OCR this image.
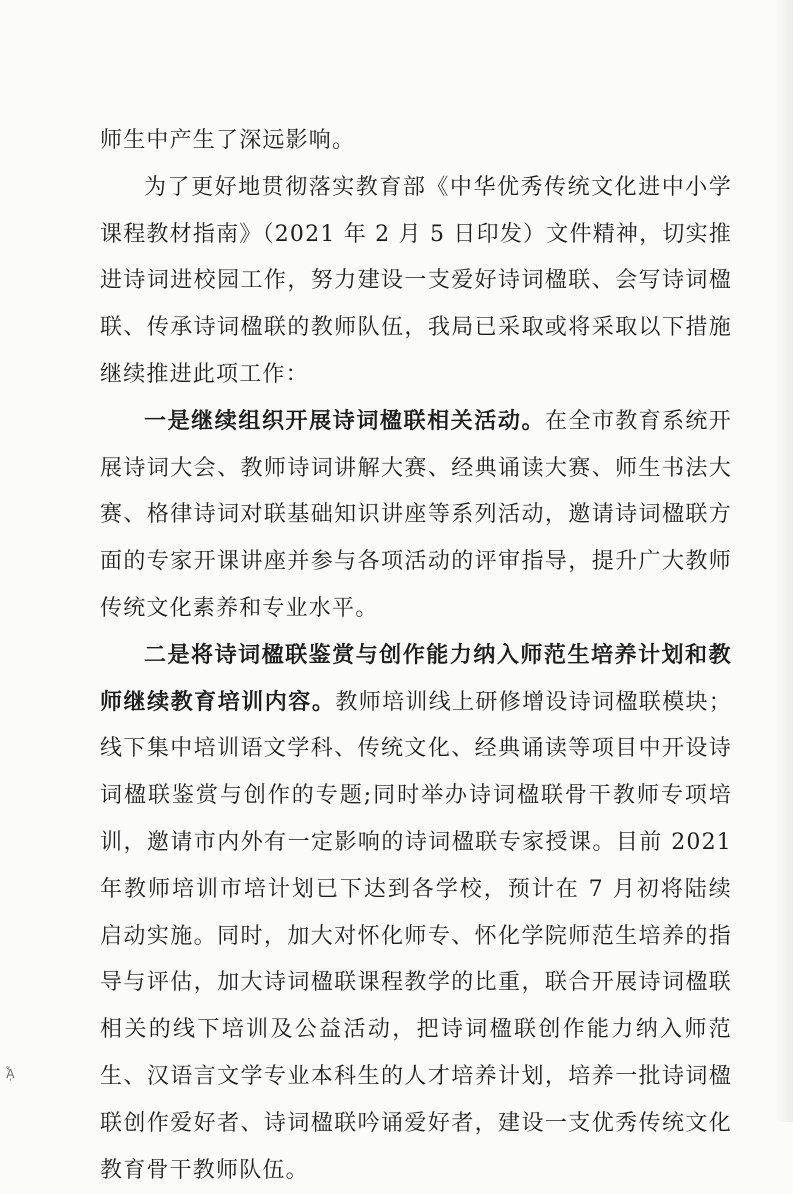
师生中产生了深远影响。

为了更好地贯彻落实教育部《中华优秀传统文化进中小学课程教材指南》（2021 年 2 月 5 日印发）文件精神，切实推进诗词进校园工作，努力建设一支爱好诗词楹联、会写诗词楹联、传承诗词楹联的教师队伍，我局已采取或将采取以下措施继续推进此项工作：

一是继续组织开展诗词楹联相关活动。在全市教育系统开展诗词大会、教师诗词讲解大赛、经典诵读大赛、师生书法大赛、格律诗词对联基础知识讲座等系列活动，邀请诗词楹联方面的专家开课讲座并参与各项活动的评审指导，提升广大教师传统文化素养和专业水平。

二是将诗词楹联鉴赏与创作能力纳入师范生培养计划和教师继续教育培训内容。教师培训线上研修增设诗词楹联模块；线下集中培训语文学科、传统文化、经典诵读等项目中开设诗词楹联鉴赏与创作的专题;同时举办诗词楹联骨干教师专项培训，邀请市内外有一定影响的诗词楹联专家授课。目前 2021 年教师培训市培计划已下达到各学校，预计在 7 月初将陆续启动实施。同时，加大对怀化师专、怀化学院师范生培养的指导与评估，加大诗词楹联课程教学的比重，联合开展诗词楹联相关的线下培训及公益活动，把诗词楹联创作能力纳入师范生、汉语言文学专业本科生的人才培养计划，培养一批诗词楹联创作爱好者、诗词楹联吟诵爱好者，建设一支优秀传统文化教育骨干教师队伍。

ᾎ
